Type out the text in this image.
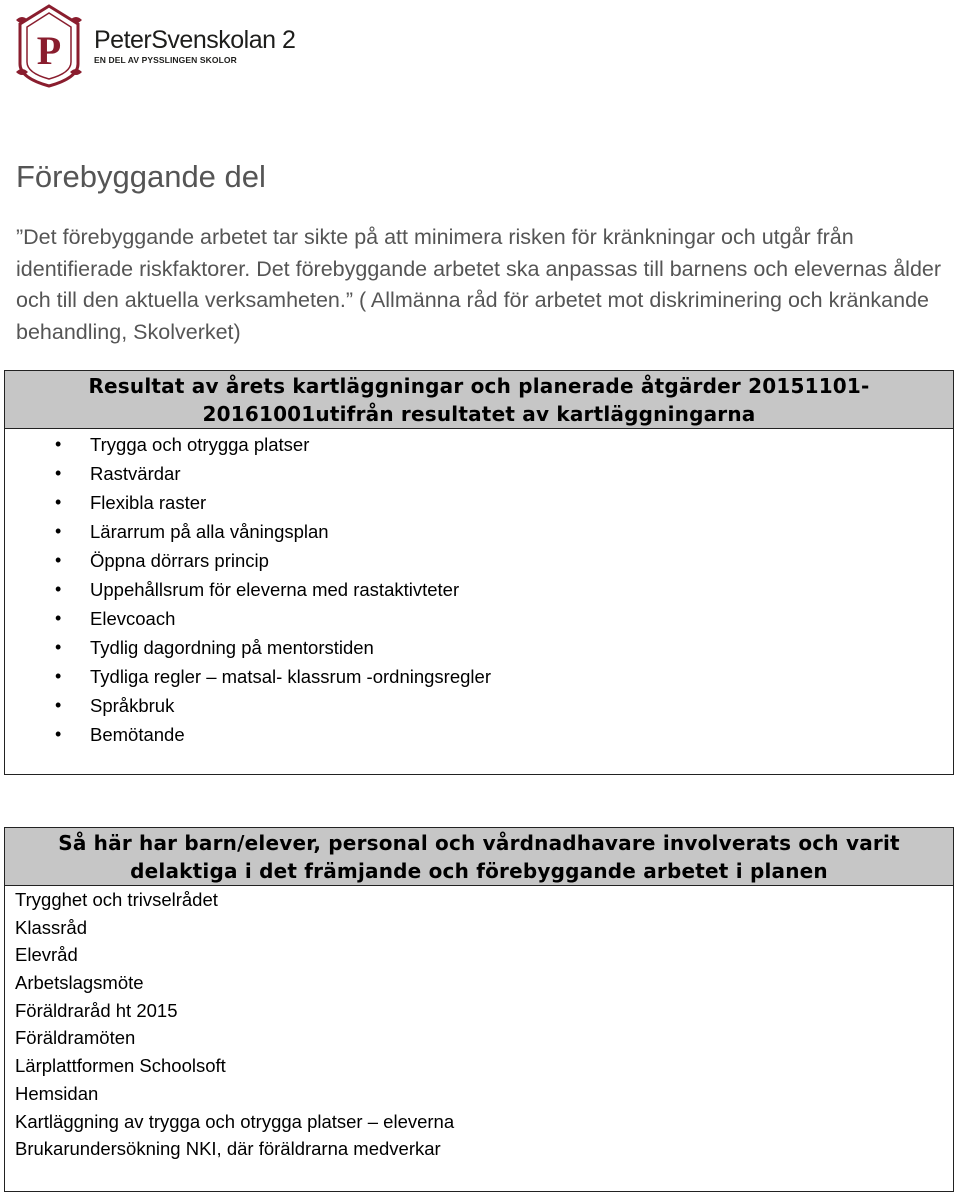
P PeterSvenskolan 2
EN DEL AV PYSSLINGEN SKOLOR
Förebyggande del

”Det förebyggande arbetet tar sikte på att minimera risken för kränkningar och utgår från identifierade riskfaktorer. Det förebyggande arbetet ska anpassas till barnens och elevernas ålder och till den aktuella verksamheten.” ( Allmänna råd för arbetet mot diskriminering och kränkande behandling, Skolverket)

Resultat av årets kartläggningar och planerade åtgärder 20151101-20161001utifrån resultatet av kartläggningarna
• Trygga och otrygga platser
• Rastvärdar
• Flexibla raster
• Lärarrum på alla våningsplan
• Öppna dörrars princip
• Uppehållsrum för eleverna med rastaktivteter
• Elevcoach
• Tydlig dagordning på mentorstiden
• Tydliga regler – matsal- klassrum -ordningsregler
• Språkbruk
• Bemötande
Så här har barn/elever, personal och vårdnadhavare involverats och varit delaktiga i det främjande och förebyggande arbetet i planen
Trygghet och trivselrådet
Klassråd
Elevråd
Arbetslagsmöte
Föräldraråd ht 2015
Föräldramöten
Lärplattformen Schoolsoft
Hemsidan
Kartläggning av trygga och otrygga platser – eleverna
Brukarundersökning NKI, där föräldrarna medverkar
